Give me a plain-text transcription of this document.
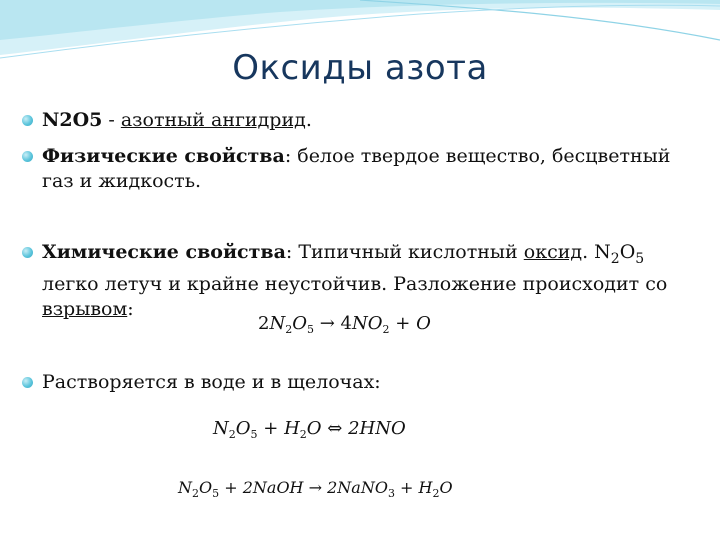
Оксиды азота
N2O5 - азотный ангидрид.
Физические свойства: белое твердое вещество, бесцветный газ и жидкость.
Химические свойства: Типичный кислотный оксид. $N_2O_5$ легко летуч и крайне неустойчив. Разложение происходит со взрывом:
$2N_2O_5 \to 4NO_2 + O$
Растворяется в воде и в щелочах:
$N_2O_5 + H_2O$ ⇔ 2HNO
$N_2O_5$ + 2NaOH → 2NaNO$_3$ + $H_2O$
